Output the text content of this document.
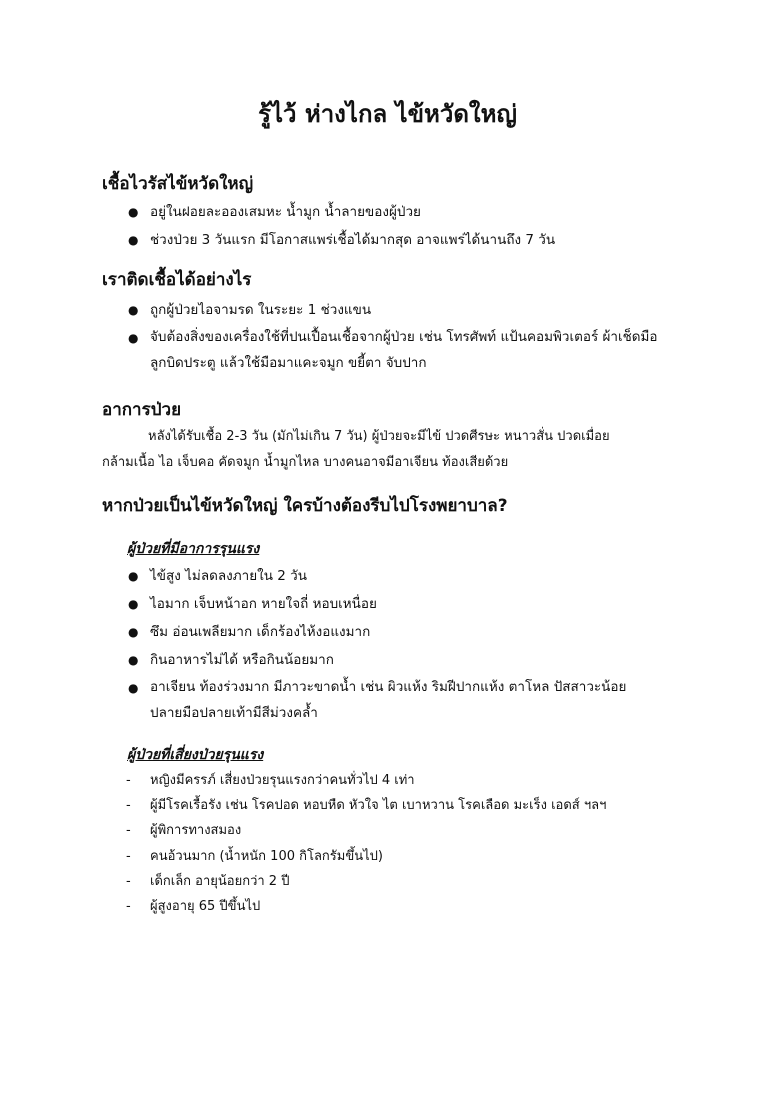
รู้ไว้ ห่างไกล ไข้หวัดใหญ่
เชื้อไวรัสไข้หวัดใหญ่
● อยู่ในฝอยละอองเสมหะ น้ำมูก น้ำลายของผู้ป่วย
● ช่วงป่วย 3 วันแรก มีโอกาสแพร่เชื้อได้มากสุด อาจแพร่ได้นานถึง 7 วัน
เราติดเชื้อได้อย่างไร
● ถูกผู้ป่วยไอจามรด ในระยะ 1 ช่วงแขน
● จับต้องสิ่งของเครื่องใช้ที่ปนเปื้อนเชื้อจากผู้ป่วย เช่น โทรศัพท์ แป้นคอมพิวเตอร์ ผ้าเช็ดมือ
ลูกบิดประตู แล้วใช้มือมาแคะจมูก ขยี้ตา จับปาก
อาการป่วย

หลังได้รับเชื้อ 2-3 วัน (มักไม่เกิน 7 วัน) ผู้ป่วยจะมีไข้ ปวดศีรษะ หนาวสั่น ปวดเมื่อย
กล้ามเนื้อ ไอ เจ็บคอ คัดจมูก น้ำมูกไหล บางคนอาจมีอาเจียน ท้องเสียด้วย

หากป่วยเป็นไข้หวัดใหญ่ ใครบ้างต้องรีบไปโรงพยาบาล?
ผู้ป่วยที่มีอาการรุนแรง
● ไข้สูง ไม่ลดลงภายใน 2 วัน
● ไอมาก เจ็บหน้าอก หายใจถี่ หอบเหนื่อย
● ซึม อ่อนเพลียมาก เด็กร้องไห้งอแงมาก
● กินอาหารไม่ได้ หรือกินน้อยมาก
● อาเจียน ท้องร่วงมาก มีภาวะขาดน้ำ เช่น ผิวแห้ง ริมฝีปากแห้ง ตาโหล ปัสสาวะน้อย
ปลายมือปลายเท้ามีสีม่วงคล้ำ
ผู้ป่วยที่เสี่ยงป่วยรุนแรง
- หญิงมีครรภ์ เสี่ยงป่วยรุนแรงกว่าคนทั่วไป 4 เท่า
- ผู้มีโรคเรื้อรัง เช่น โรคปอด หอบหืด หัวใจ ไต เบาหวาน โรคเลือด มะเร็ง เอดส์ ฯลฯ
- ผู้พิการทางสมอง
- คนอ้วนมาก (น้ำหนัก 100 กิโลกรัมขึ้นไป)
- เด็กเล็ก อายุน้อยกว่า 2 ปี
- ผู้สูงอายุ 65 ปีขึ้นไป
